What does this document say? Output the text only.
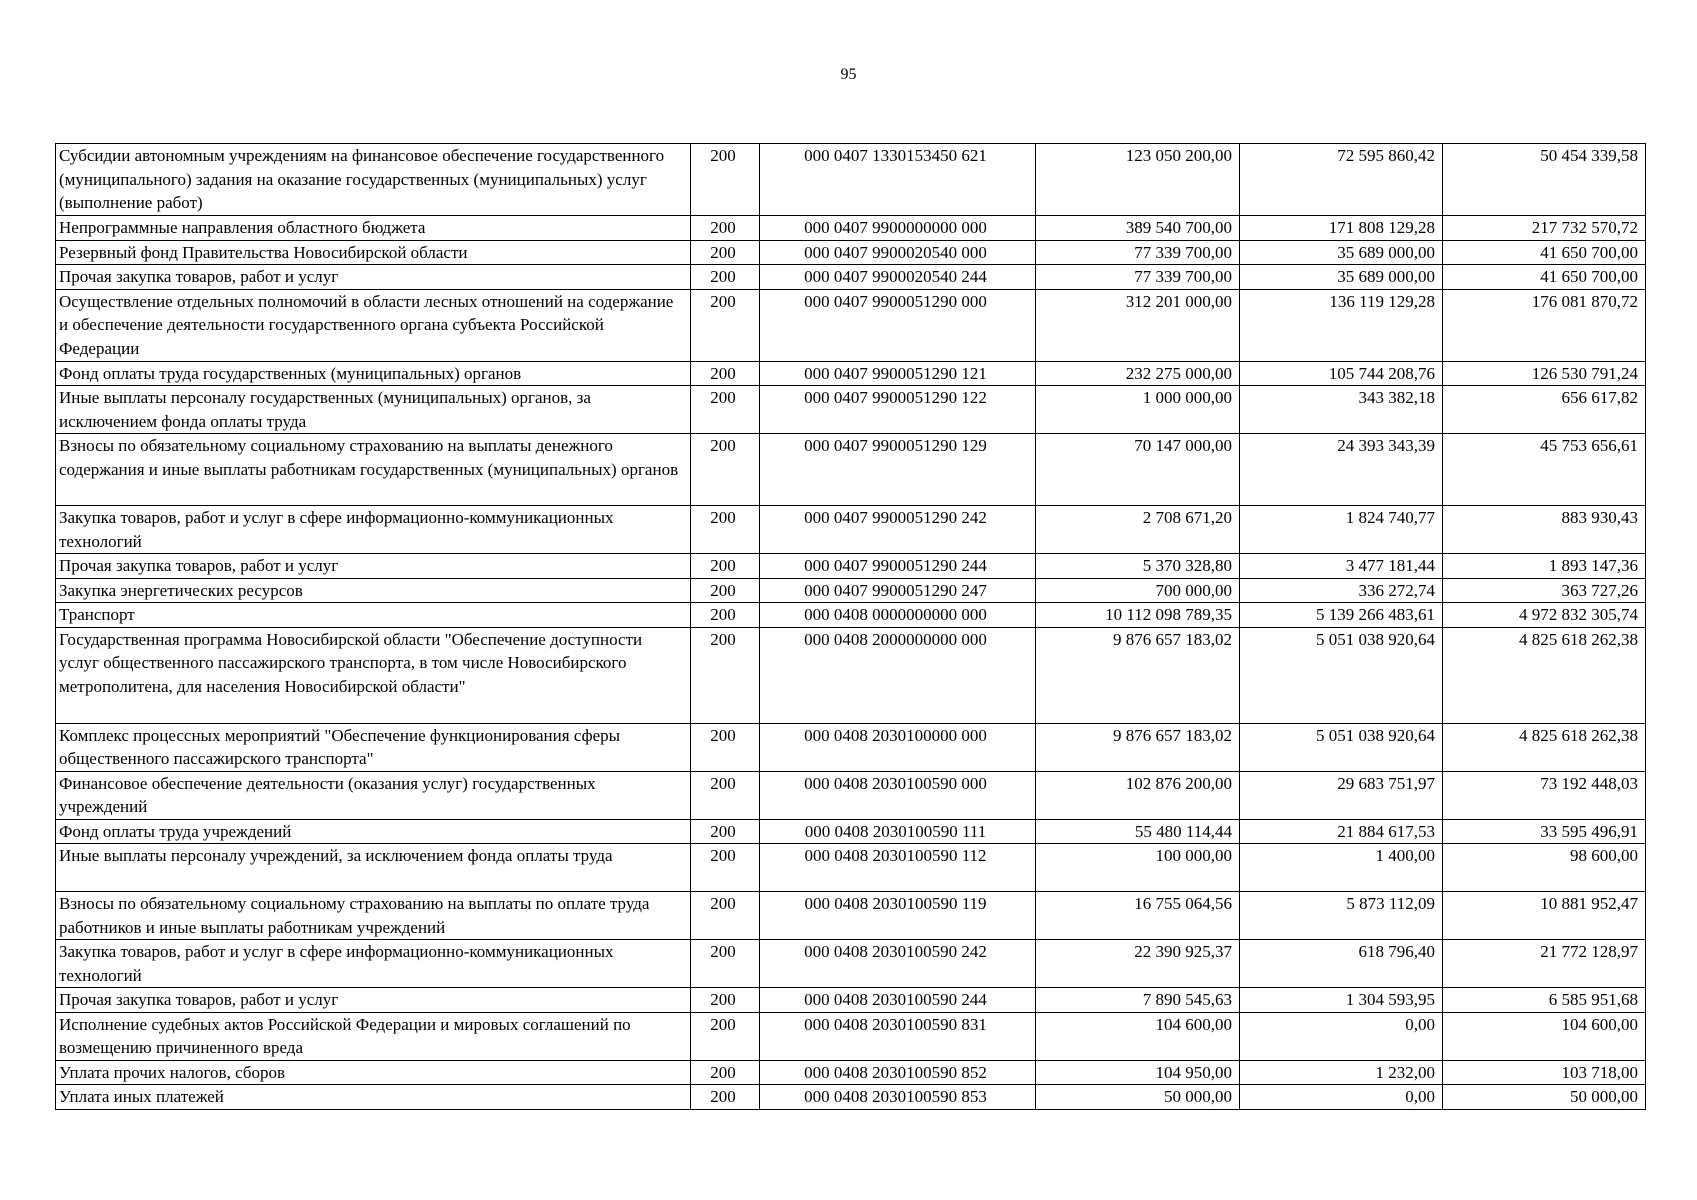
95
Субсидии автономным учреждениям на финансовое обеспечение государственного (муниципального) задания на оказание государственных (муниципальных) услуг (выполнение работ)	200	000 0407 1330153450 621	123 050 200,00	72 595 860,42	50 454 339,58
Непрограммные направления областного бюджета	200	000 0407 9900000000 000	389 540 700,00	171 808 129,28	217 732 570,72
Резервный фонд Правительства Новосибирской области	200	000 0407 9900020540 000	77 339 700,00	35 689 000,00	41 650 700,00
Прочая закупка товаров, работ и услуг	200	000 0407 9900020540 244	77 339 700,00	35 689 000,00	41 650 700,00
Осуществление отдельных полномочий в области лесных отношений на содержание и обеспечение деятельности государственного органа субъекта Российской Федерации	200	000 0407 9900051290 000	312 201 000,00	136 119 129,28	176 081 870,72
Фонд оплаты труда государственных (муниципальных) органов	200	000 0407 9900051290 121	232 275 000,00	105 744 208,76	126 530 791,24
Иные выплаты персоналу государственных (муниципальных) органов, за исключением фонда оплаты труда	200	000 0407 9900051290 122	1 000 000,00	343 382,18	656 617,82
Взносы по обязательному социальному страхованию на выплаты денежного содержания и иные выплаты работникам государственных (муниципальных) органов	200	000 0407 9900051290 129	70 147 000,00	24 393 343,39	45 753 656,61
Закупка товаров, работ и услуг в сфере информационно-коммуникационных технологий	200	000 0407 9900051290 242	2 708 671,20	1 824 740,77	883 930,43
Прочая закупка товаров, работ и услуг	200	000 0407 9900051290 244	5 370 328,80	3 477 181,44	1 893 147,36
Закупка энергетических ресурсов	200	000 0407 9900051290 247	700 000,00	336 272,74	363 727,26
Транспорт	200	000 0408 0000000000 000	10 112 098 789,35	5 139 266 483,61	4 972 832 305,74
Государственная программа Новосибирской области "Обеспечение доступности услуг общественного пассажирского транспорта, в том числе Новосибирского метрополитена, для населения Новосибирской области"	200	000 0408 2000000000 000	9 876 657 183,02	5 051 038 920,64	4 825 618 262,38
Комплекс процессных мероприятий "Обеспечение функционирования сферы общественного пассажирского транспорта"	200	000 0408 2030100000 000	9 876 657 183,02	5 051 038 920,64	4 825 618 262,38
Финансовое обеспечение деятельности (оказания услуг) государственных учреждений	200	000 0408 2030100590 000	102 876 200,00	29 683 751,97	73 192 448,03
Фонд оплаты труда учреждений	200	000 0408 2030100590 111	55 480 114,44	21 884 617,53	33 595 496,91
Иные выплаты персоналу учреждений, за исключением фонда оплаты труда	200	000 0408 2030100590 112	100 000,00	1 400,00	98 600,00
Взносы по обязательному социальному страхованию на выплаты по оплате труда работников и иные выплаты работникам учреждений	200	000 0408 2030100590 119	16 755 064,56	5 873 112,09	10 881 952,47
Закупка товаров, работ и услуг в сфере информационно-коммуникационных технологий	200	000 0408 2030100590 242	22 390 925,37	618 796,40	21 772 128,97
Прочая закупка товаров, работ и услуг	200	000 0408 2030100590 244	7 890 545,63	1 304 593,95	6 585 951,68
Исполнение судебных актов Российской Федерации и мировых соглашений по возмещению причиненного вреда	200	000 0408 2030100590 831	104 600,00	0,00	104 600,00
Уплата прочих налогов, сборов	200	000 0408 2030100590 852	104 950,00	1 232,00	103 718,00
Уплата иных платежей	200	000 0408 2030100590 853	50 000,00	0,00	50 000,00
